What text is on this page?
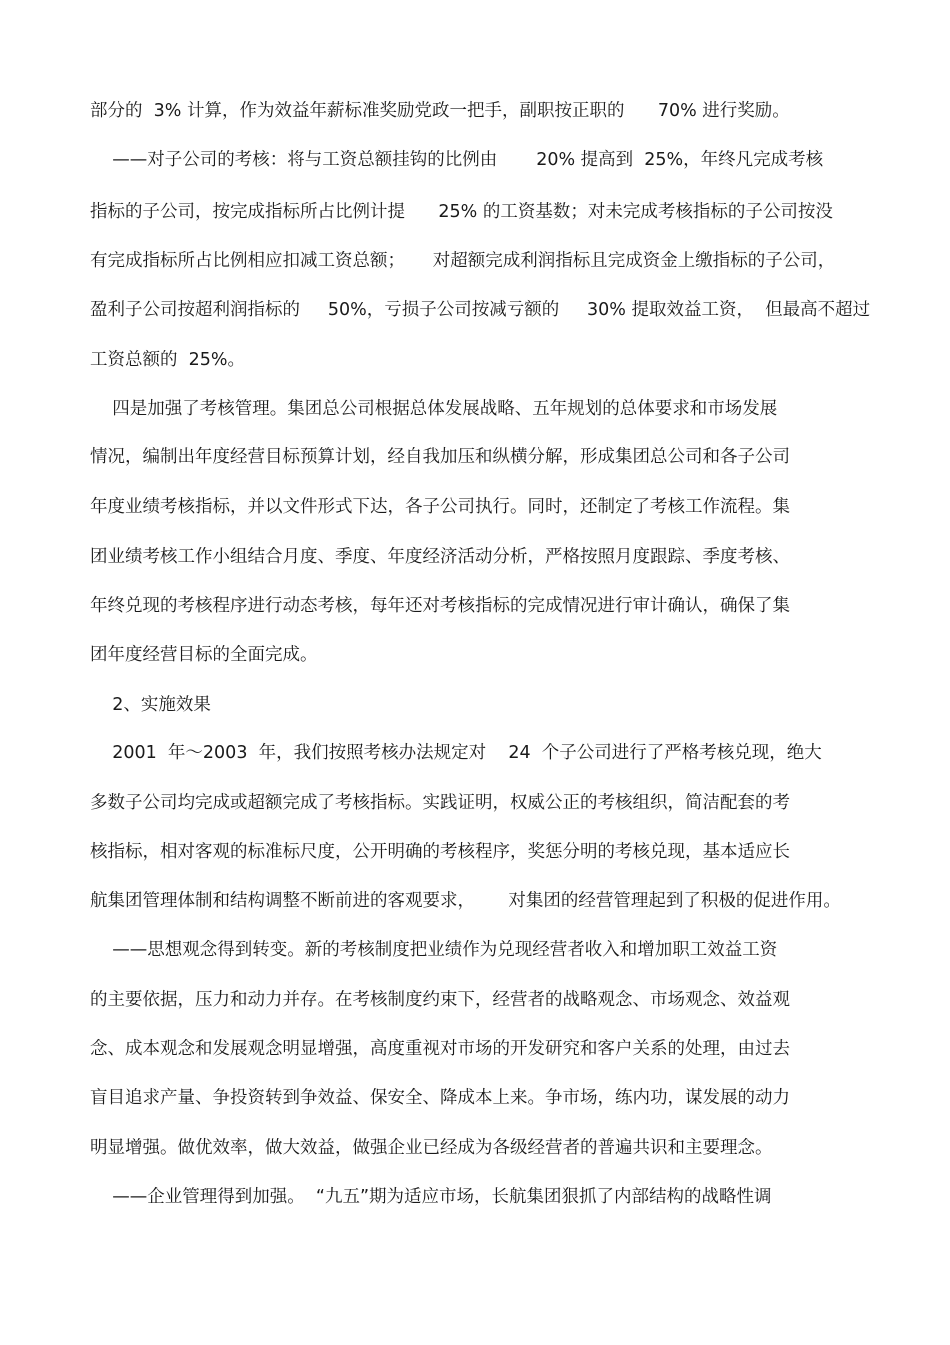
部分的  3% 计算，作为效益年薪标准奖励党政一把手，副职按正职的      70% 进行奖励。
——对子公司的考核：将与工资总额挂钩的比例由       20% 提高到  25%，年终凡完成考核
指标的子公司，按完成指标所占比例计提      25% 的工资基数；对未完成考核指标的子公司按没
有完成指标所占比例相应扣减工资总额；     对超额完成利润指标且完成资金上缴指标的子公司，
盈利子公司按超利润指标的     50%，亏损子公司按减亏额的     30% 提取效益工资，  但最高不超过
工资总额的  25%。
四是加强了考核管理。集团总公司根据总体发展战略、五年规划的总体要求和市场发展
情况，编制出年度经营目标预算计划，经自我加压和纵横分解，形成集团总公司和各子公司
年度业绩考核指标，并以文件形式下达，各子公司执行。同时，还制定了考核工作流程。集
团业绩考核工作小组结合月度、季度、年度经济活动分析，严格按照月度跟踪、季度考核、
年终兑现的考核程序进行动态考核，每年还对考核指标的完成情况进行审计确认，确保了集
团年度经营目标的全面完成。
2、实施效果
2001  年～2003  年，我们按照考核办法规定对    24  个子公司进行了严格考核兑现，绝大
多数子公司均完成或超额完成了考核指标。实践证明，权威公正的考核组织，简洁配套的考
核指标，相对客观的标准标尺度，公开明确的考核程序，奖惩分明的考核兑现，基本适应长
航集团管理体制和结构调整不断前进的客观要求，      对集团的经营管理起到了积极的促进作用。
——思想观念得到转变。新的考核制度把业绩作为兑现经营者收入和增加职工效益工资
的主要依据，压力和动力并存。在考核制度约束下，经营者的战略观念、市场观念、效益观
念、成本观念和发展观念明显增强，高度重视对市场的开发研究和客户关系的处理，由过去
盲目追求产量、争投资转到争效益、保安全、降成本上来。争市场，练内功，谋发展的动力
明显增强。做优效率，做大效益，做强企业已经成为各级经营者的普遍共识和主要理念。
——企业管理得到加强。  “九五”期为适应市场，长航集团狠抓了内部结构的战略性调
